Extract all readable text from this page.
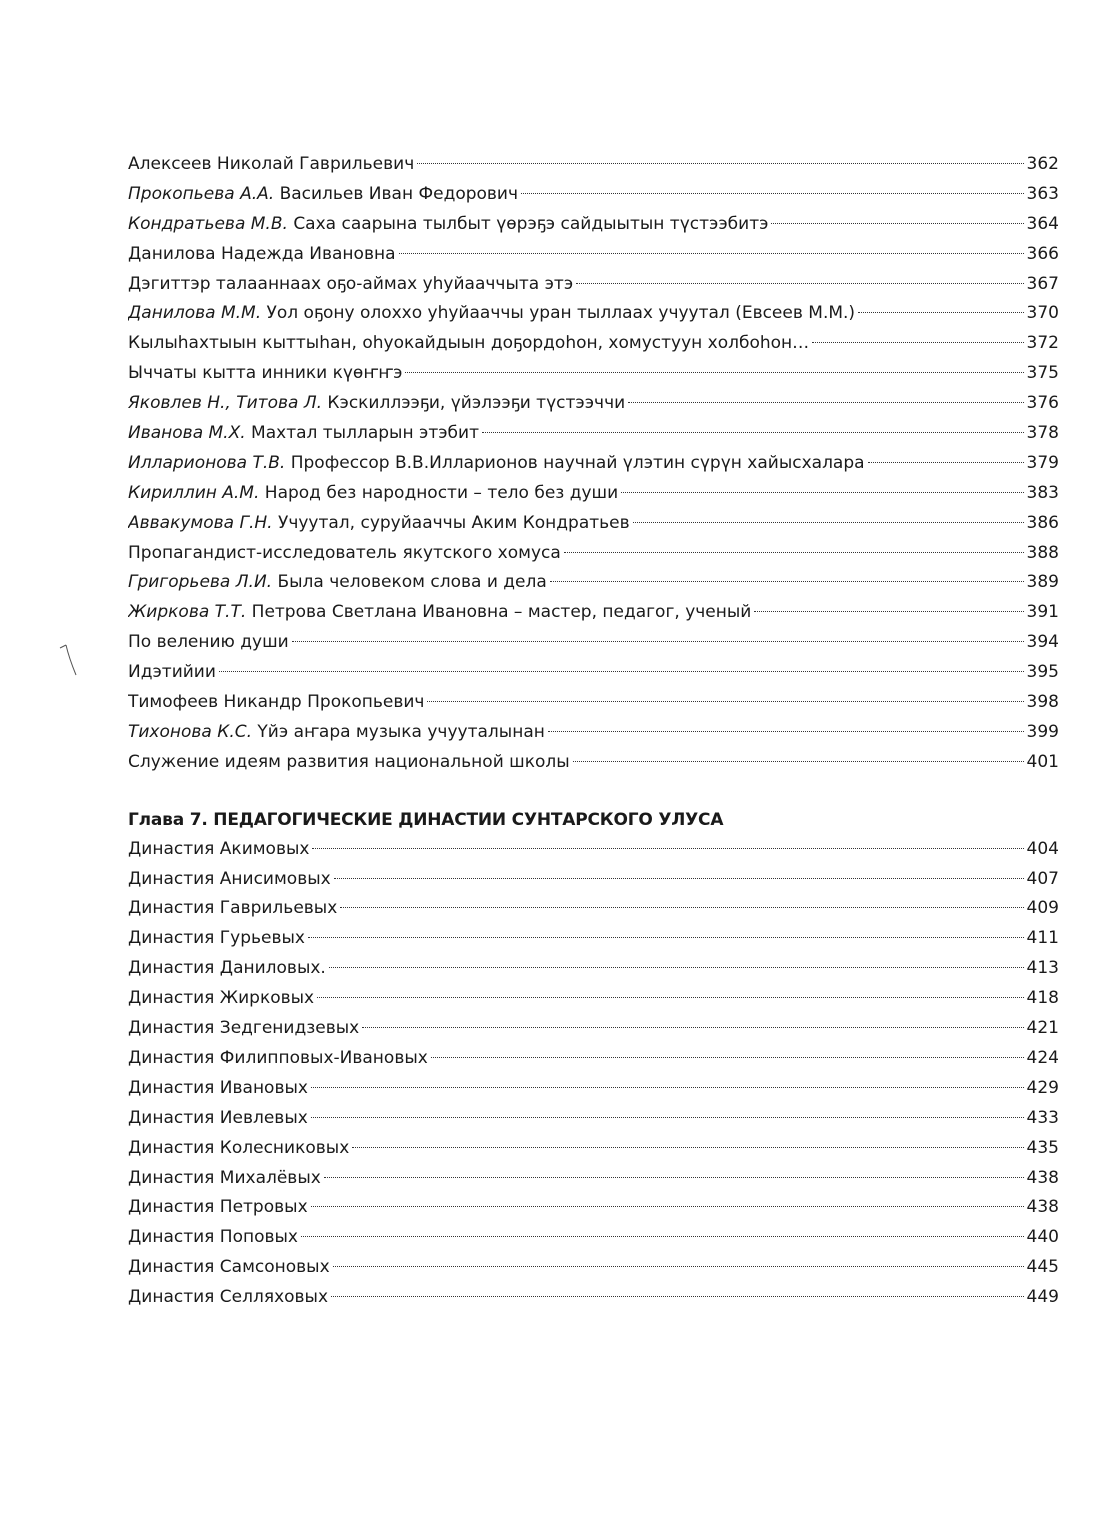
Алексеев Николай Гаврильевич	362
Прокопьева А.А. Васильев Иван Федорович	363
Кондратьева М.В. Саха саарына тылбыт үөрэҕэ сайдыытын түстээбитэ	364
Данилова Надежда Ивановна	366
Дэгиттэр талааннаах оҕо-аймах уһуйааччыта этэ	367
Данилова М.М. Уол оҕону олоххо уһуйааччы уран тыллаах учуутал (Евсеев М.М.)	370
Кылыһахтыын кыттыһан, оһуокайдыын доҕордоһон, хомустуун холбоһон…	372
Ыччаты кытта инники күөҥҥэ	375
Яковлев Н., Титова Л. Кэскиллээҕи, үйэлээҕи түстээччи	376
Иванова М.Х. Махтал тылларын этэбит	378
Илларионова Т.В. Профессор В.В.Илларионов научнай үлэтин сүрүн хайысхалара	379
Кириллин А.М. Народ без народности – тело без души	383
Аввакумова Г.Н. Учуутал, суруйааччы Аким Кондратьев	386
Пропагандист-исследователь якутского хомуса	388
Григорьева Л.И. Была человеком слова и дела	389
Жиркова Т.Т. Петрова Светлана Ивановна – мастер, педагог, ученый	391
По велению души	394
Идэтийии	395
Тимофеев Никандр Прокопьевич	398
Тихонова К.С. Үйэ аҥара музыка учууталынан	399
Служение идеям развития национальной школы	401
Глава 7. ПЕДАГОГИЧЕСКИЕ ДИНАСТИИ СУНТАРСКОГО УЛУСА
Династия Акимовых	404
Династия Анисимовых	407
Династия Гаврильевых	409
Династия Гурьевых	411
Династия Даниловых.	413
Династия Жирковых	418
Династия Зедгенидзевых	421
Династия Филипповых-Ивановых	424
Династия Ивановых	429
Династия Иевлевых	433
Династия Колесниковых	435
Династия Михалёвых	438
Династия Петровых	438
Династия Поповых	440
Династия Самсоновых	445
Династия Селляховых	449
